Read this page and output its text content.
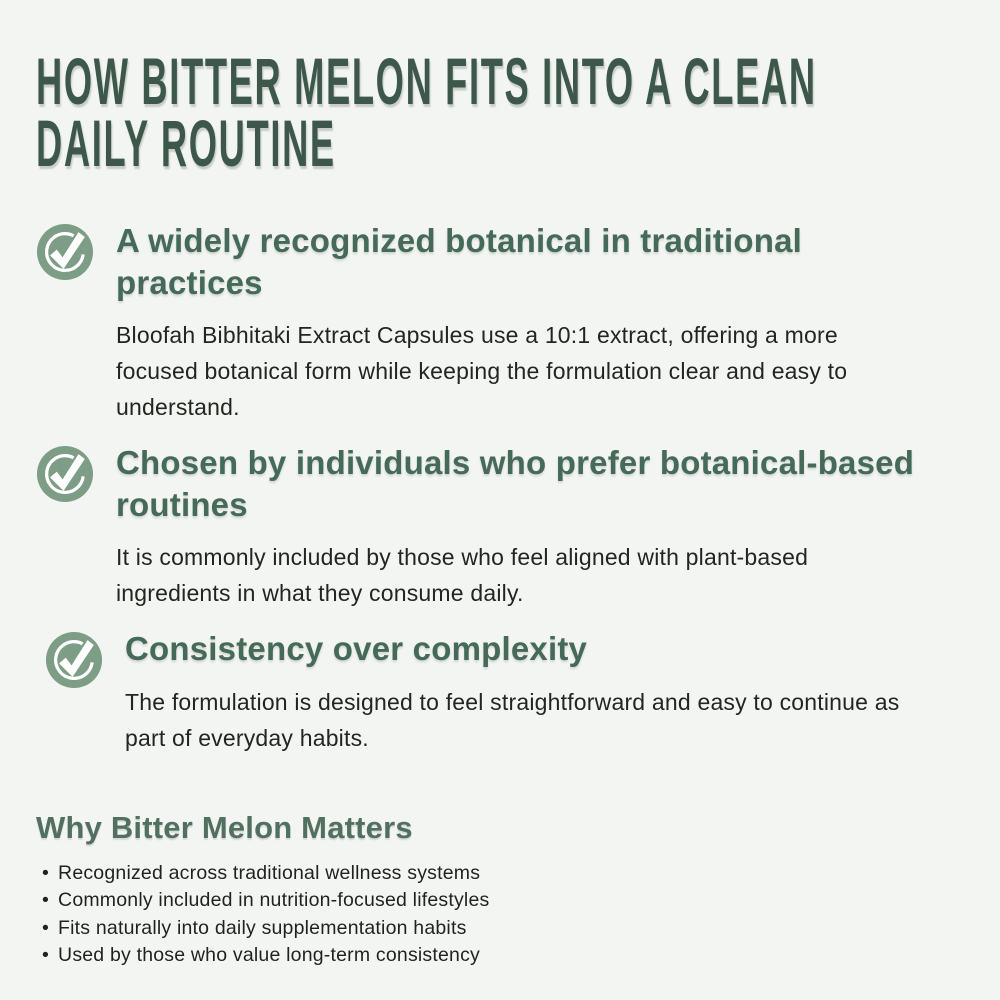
HOW BITTER MELON FITS INTO A CLEAN
DAILY ROUTINE
A widely recognized botanical in traditional practices

Bloofah Bibhitaki Extract Capsules use a 10:1 extract, offering a more focused botanical form while keeping the formulation clear and easy to understand.

Chosen by individuals who prefer botanical-based routines

It is commonly included by those who feel aligned with plant-based ingredients in what they consume daily.

Consistency over complexity

The formulation is designed to feel straightforward and easy to continue as part of everyday habits.

Why Bitter Melon Matters
• Recognized across traditional wellness systems
• Commonly included in nutrition-focused lifestyles
• Fits naturally into daily supplementation habits
• Used by those who value long-term consistency
